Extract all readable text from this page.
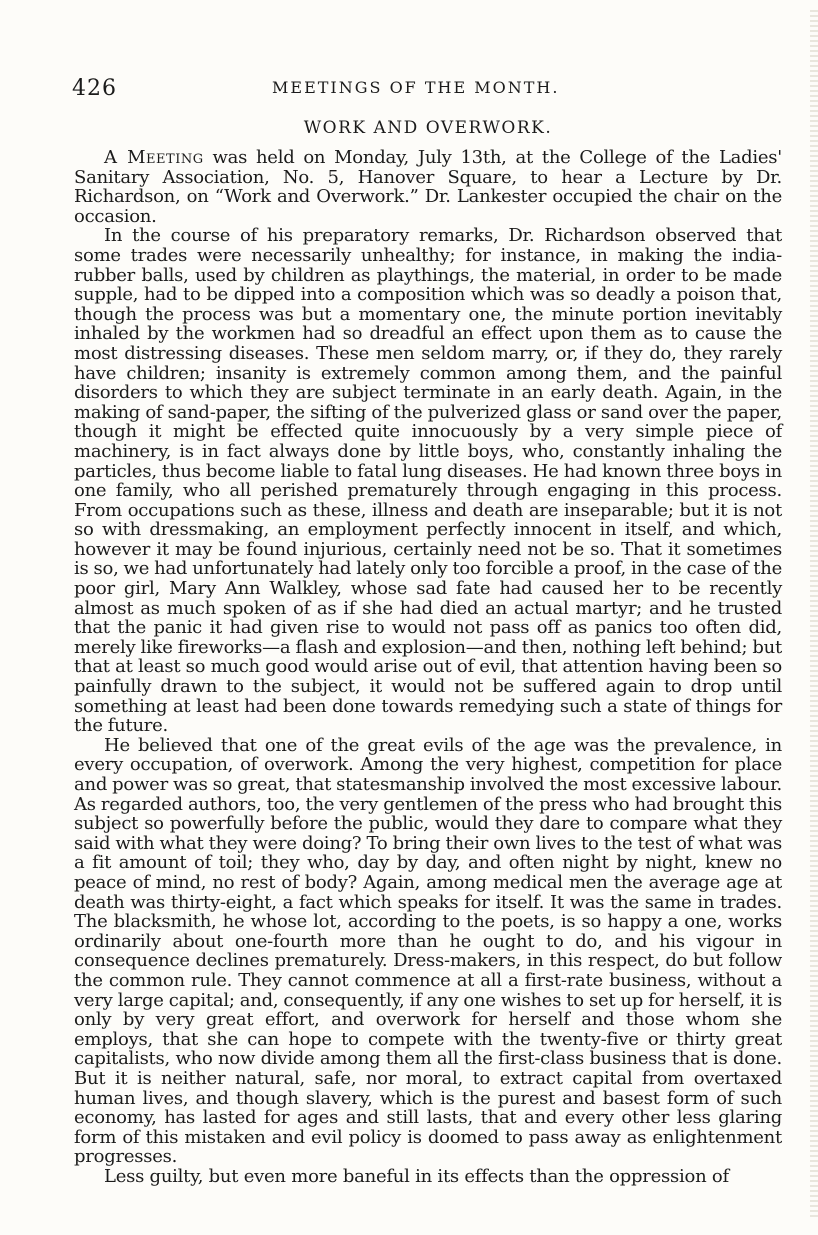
426	MEETINGS OF THE MONTH.
WORK AND OVERWORK.

A Meeting was held on Monday, July 13th, at the College of the Ladies' Sanitary Association, No. 5, Hanover Square, to hear a Lecture by Dr. Richardson, on “Work and Overwork.” Dr. Lankester occupied the chair on the occasion.

In the course of his preparatory remarks, Dr. Richardson observed that some trades were necessarily unhealthy; for instance, in making the india-rubber balls, used by children as playthings, the material, in order to be made supple, had to be dipped into a composition which was so deadly a poison that, though the process was but a momentary one, the minute portion inevitably inhaled by the workmen had so dreadful an effect upon them as to cause the most distressing diseases. These men seldom marry, or, if they do, they rarely have children; insanity is extremely common among them, and the painful disorders to which they are subject terminate in an early death. Again, in the making of sand-paper, the sifting of the pulverized glass or sand over the paper, though it might be effected quite innocuously by a very simple piece of machinery, is in fact always done by little boys, who, constantly inhaling the particles, thus become liable to fatal lung diseases. He had known three boys in one family, who all perished prematurely through engaging in this process. From occupations such as these, illness and death are inseparable; but it is not so with dressmaking, an employment perfectly innocent in itself, and which, however it may be found injurious, certainly need not be so. That it sometimes is so, we had unfortunately had lately only too forcible a proof, in the case of the poor girl, Mary Ann Walkley, whose sad fate had caused her to be recently almost as much spoken of as if she had died an actual martyr; and he trusted that the panic it had given rise to would not pass off as panics too often did, merely like fireworks—a flash and explosion—and then, nothing left behind; but that at least so much good would arise out of evil, that attention having been so painfully drawn to the subject, it would not be suffered again to drop until something at least had been done towards remedying such a state of things for the future.

He believed that one of the great evils of the age was the prevalence, in every occupation, of overwork. Among the very highest, competition for place and power was so great, that statesmanship involved the most excessive labour. As regarded authors, too, the very gentlemen of the press who had brought this subject so powerfully before the public, would they dare to compare what they said with what they were doing? To bring their own lives to the test of what was a fit amount of toil; they who, day by day, and often night by night, knew no peace of mind, no rest of body? Again, among medical men the average age at death was thirty-eight, a fact which speaks for itself. It was the same in trades. The blacksmith, he whose lot, according to the poets, is so happy a one, works ordinarily about one-fourth more than he ought to do, and his vigour in consequence declines prematurely. Dress-makers, in this respect, do but follow the common rule. They cannot commence at all a first-rate business, without a very large capital; and, consequently, if any one wishes to set up for herself, it is only by very great effort, and overwork for herself and those whom she employs, that she can hope to compete with the twenty-five or thirty great capitalists, who now divide among them all the first-class business that is done. But it is neither natural, safe, nor moral, to extract capital from overtaxed human lives, and though slavery, which is the purest and basest form of such economy, has lasted for ages and still lasts, that and every other less glaring form of this mistaken and evil policy is doomed to pass away as enlightenment progresses.

Less guilty, but even more baneful in its effects than the oppression of
